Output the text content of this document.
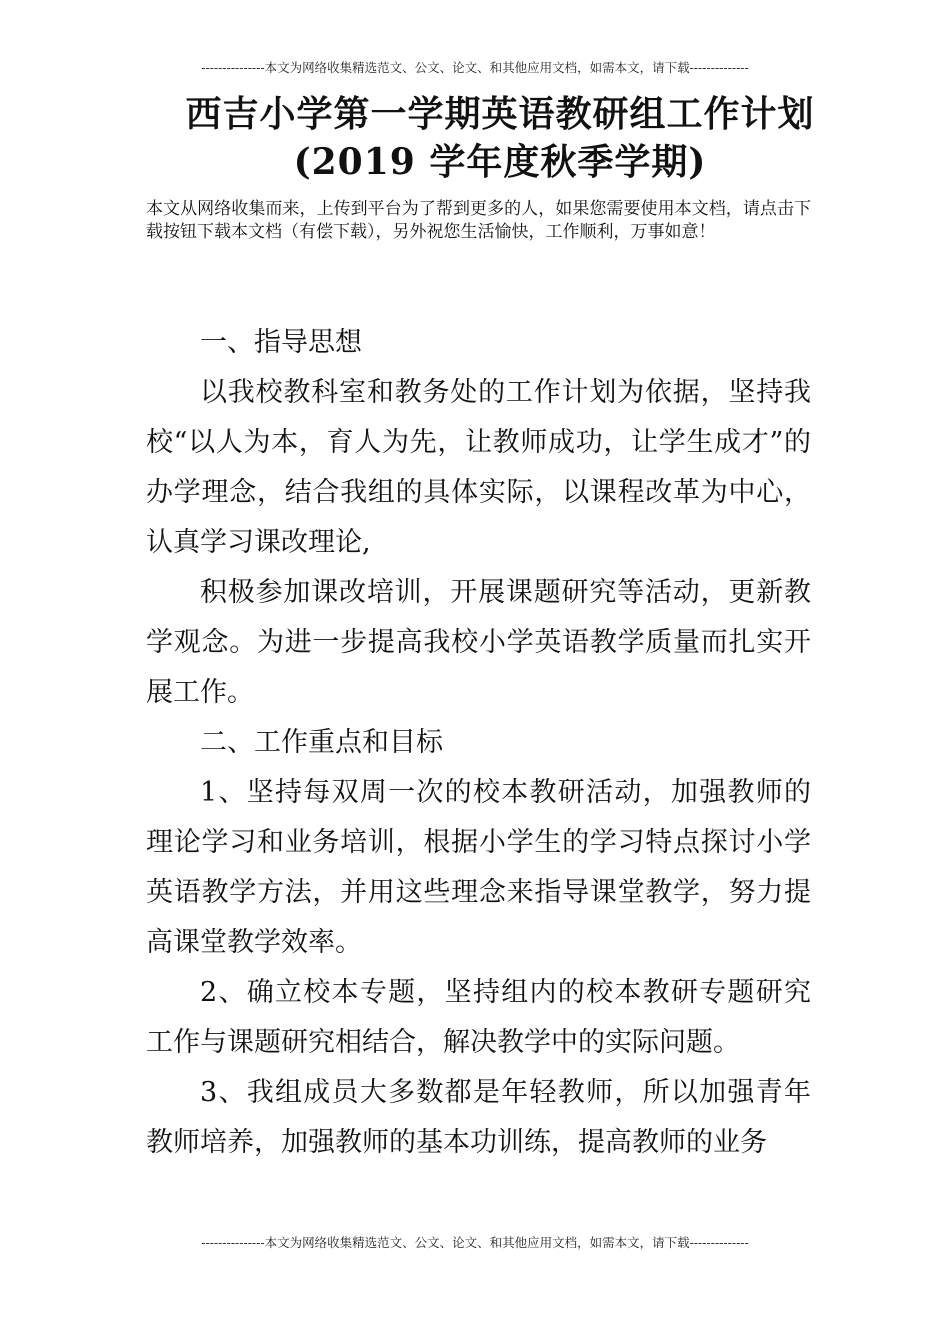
---------------本文为网络收集精选范文、公文、论文、和其他应用文档，如需本文，请下载--------------
西吉小学第一学期英语教研组工作计划
(2019 学年度秋季学期)
本文从网络收集而来，上传到平台为了帮到更多的人，如果您需要使用本文档，请点击下载按钮下载本文档（有偿下载），另外祝您生活愉快，工作顺利，万事如意！

一、指导思想

以我校教科室和教务处的工作计划为依据，坚持我校“以人为本，育人为先，让教师成功，让学生成才”的办学理念，结合我组的具体实际，以课程改革为中心，认真学习课改理论,

积极参加课改培训，开展课题研究等活动，更新教学观念。为进一步提高我校小学英语教学质量而扎实开展工作。

二、工作重点和目标

1、坚持每双周一次的校本教研活动，加强教师的理论学习和业务培训，根据小学生的学习特点探讨小学英语教学方法，并用这些理念来指导课堂教学，努力提高课堂教学效率。

2、确立校本专题，坚持组内的校本教研专题研究工作与课题研究相结合，解决教学中的实际问题。

3、我组成员大多数都是年轻教师，所以加强青年教师培养，加强教师的基本功训练，提高教师的业务

---------------本文为网络收集精选范文、公文、论文、和其他应用文档，如需本文，请下载--------------
